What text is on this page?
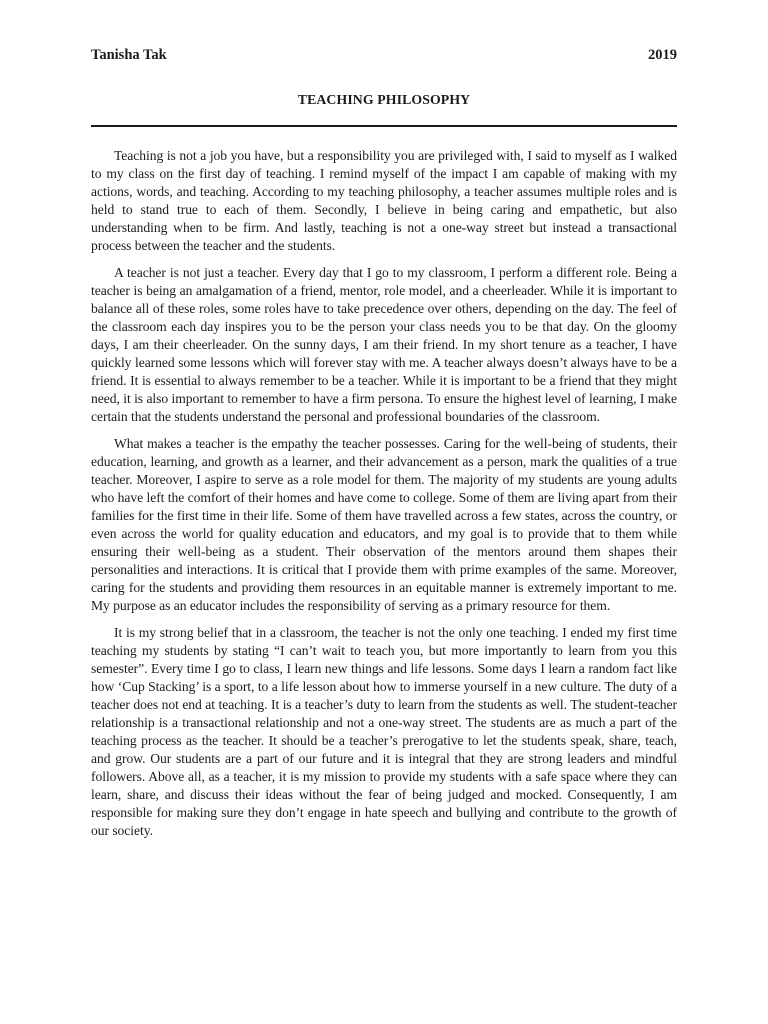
Tanisha Tak	2019
TEACHING PHILOSOPHY

Teaching is not a job you have, but a responsibility you are privileged with, I said to myself as I walked to my class on the first day of teaching. I remind myself of the impact I am capable of making with my actions, words, and teaching. According to my teaching philosophy, a teacher assumes multiple roles and is held to stand true to each of them. Secondly, I believe in being caring and empathetic, but also understanding when to be firm. And lastly, teaching is not a one-way street but instead a transactional process between the teacher and the students.

A teacher is not just a teacher. Every day that I go to my classroom, I perform a different role. Being a teacher is being an amalgamation of a friend, mentor, role model, and a cheerleader. While it is important to balance all of these roles, some roles have to take precedence over others, depending on the day. The feel of the classroom each day inspires you to be the person your class needs you to be that day. On the gloomy days, I am their cheerleader. On the sunny days, I am their friend. In my short tenure as a teacher, I have quickly learned some lessons which will forever stay with me. A teacher always doesn’t always have to be a friend. It is essential to always remember to be a teacher. While it is important to be a friend that they might need, it is also important to remember to have a firm persona. To ensure the highest level of learning, I make certain that the students understand the personal and professional boundaries of the classroom.

What makes a teacher is the empathy the teacher possesses. Caring for the well-being of students, their education, learning, and growth as a learner, and their advancement as a person, mark the qualities of a true teacher. Moreover, I aspire to serve as a role model for them. The majority of my students are young adults who have left the comfort of their homes and have come to college. Some of them are living apart from their families for the first time in their life. Some of them have travelled across a few states, across the country, or even across the world for quality education and educators, and my goal is to provide that to them while ensuring their well-being as a student. Their observation of the mentors around them shapes their personalities and interactions. It is critical that I provide them with prime examples of the same. Moreover, caring for the students and providing them resources in an equitable manner is extremely important to me. My purpose as an educator includes the responsibility of serving as a primary resource for them.

It is my strong belief that in a classroom, the teacher is not the only one teaching. I ended my first time teaching my students by stating “I can’t wait to teach you, but more importantly to learn from you this semester”. Every time I go to class, I learn new things and life lessons. Some days I learn a random fact like how ‘Cup Stacking’ is a sport, to a life lesson about how to immerse yourself in a new culture. The duty of a teacher does not end at teaching. It is a teacher’s duty to learn from the students as well. The student-teacher relationship is a transactional relationship and not a one-way street. The students are as much a part of the teaching process as the teacher. It should be a teacher’s prerogative to let the students speak, share, teach, and grow. Our students are a part of our future and it is integral that they are strong leaders and mindful followers. Above all, as a teacher, it is my mission to provide my students with a safe space where they can learn, share, and discuss their ideas without the fear of being judged and mocked. Consequently, I am responsible for making sure they don’t engage in hate speech and bullying and contribute to the growth of our society.
